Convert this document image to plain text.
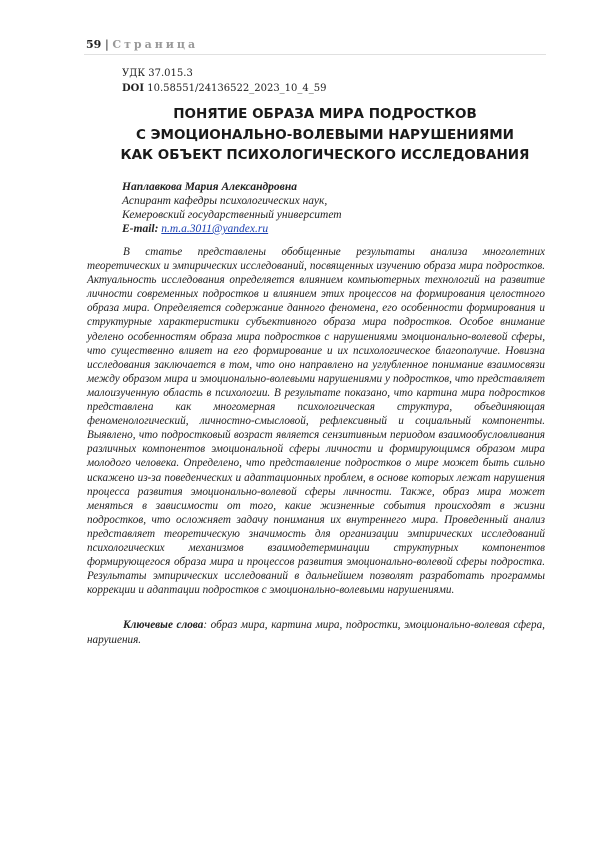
59 | Страница
УДК 37.015.3
DOI 10.58551/24136522_2023_10_4_59
ПОНЯТИЕ ОБРАЗА МИРА ПОДРОСТКОВ
С ЭМОЦИОНАЛЬНО-ВОЛЕВЫМИ НАРУШЕНИЯМИ
КАК ОБЪЕКТ ПСИХОЛОГИЧЕСКОГО ИССЛЕДОВАНИЯ
Наплавкова Мария Александровна
Аспирант кафедры психологических наук,
Кемеровский государственный университет
E-mail: n.m.a.3011@yandex.ru

В статье представлены обобщенные результаты анализа многолетних теоретических и эмпирических исследований, посвященных изучению образа мира подростков. Актуальность исследования определяется влиянием компьютерных технологий на развитие личности современных подростков и влиянием этих процессов на формирования целостного образа мира. Определяется содержание данного феномена, его особенности формирования и структурные характеристики субъективного образа мира подростков. Особое внимание уделено особенностям образа мира подростков с нарушениями эмоционально-волевой сферы, что существенно влияет на его формирование и их психологическое благополучие. Новизна исследования заключается в том, что оно направлено на углубленное понимание взаимосвязи между образом мира и эмоционально-волевыми нарушениями у подростков, что представляет малоизученную область в психологии. В результате показано, что картина мира подростков представлена как многомерная психологическая структура, объединяющая феноменологический, личностно-смысловой, рефлексивный и социальный компоненты. Выявлено, что подростковый возраст является сензитивным периодом взаимообусловливания различных компонентов эмоциональной сферы личности и формирующимся образом мира молодого человека. Определено, что представление подростков о мире может быть сильно искажено из-за поведенческих и адаптационных проблем, в основе которых лежат нарушения процесса развития эмоционально-волевой сферы личности. Также, образ мира может меняться в зависимости от того, какие жизненные события происходят в жизни подростков, что осложняет задачу понимания их внутреннего мира. Проведенный анализ представляет теоретическую значимость для организации эмпирических исследований психологических механизмов взаимодетерминации структурных компонентов формирующегося образа мира и процессов развития эмоционально-волевой сферы подростка. Результаты эмпирических исследований в дальнейшем позволят разработать программы коррекции и адаптации подростков с эмоционально-волевыми нарушениями.

Ключевые слова: образ мира, картина мира, подростки, эмоционально-волевая сфера, нарушения.
